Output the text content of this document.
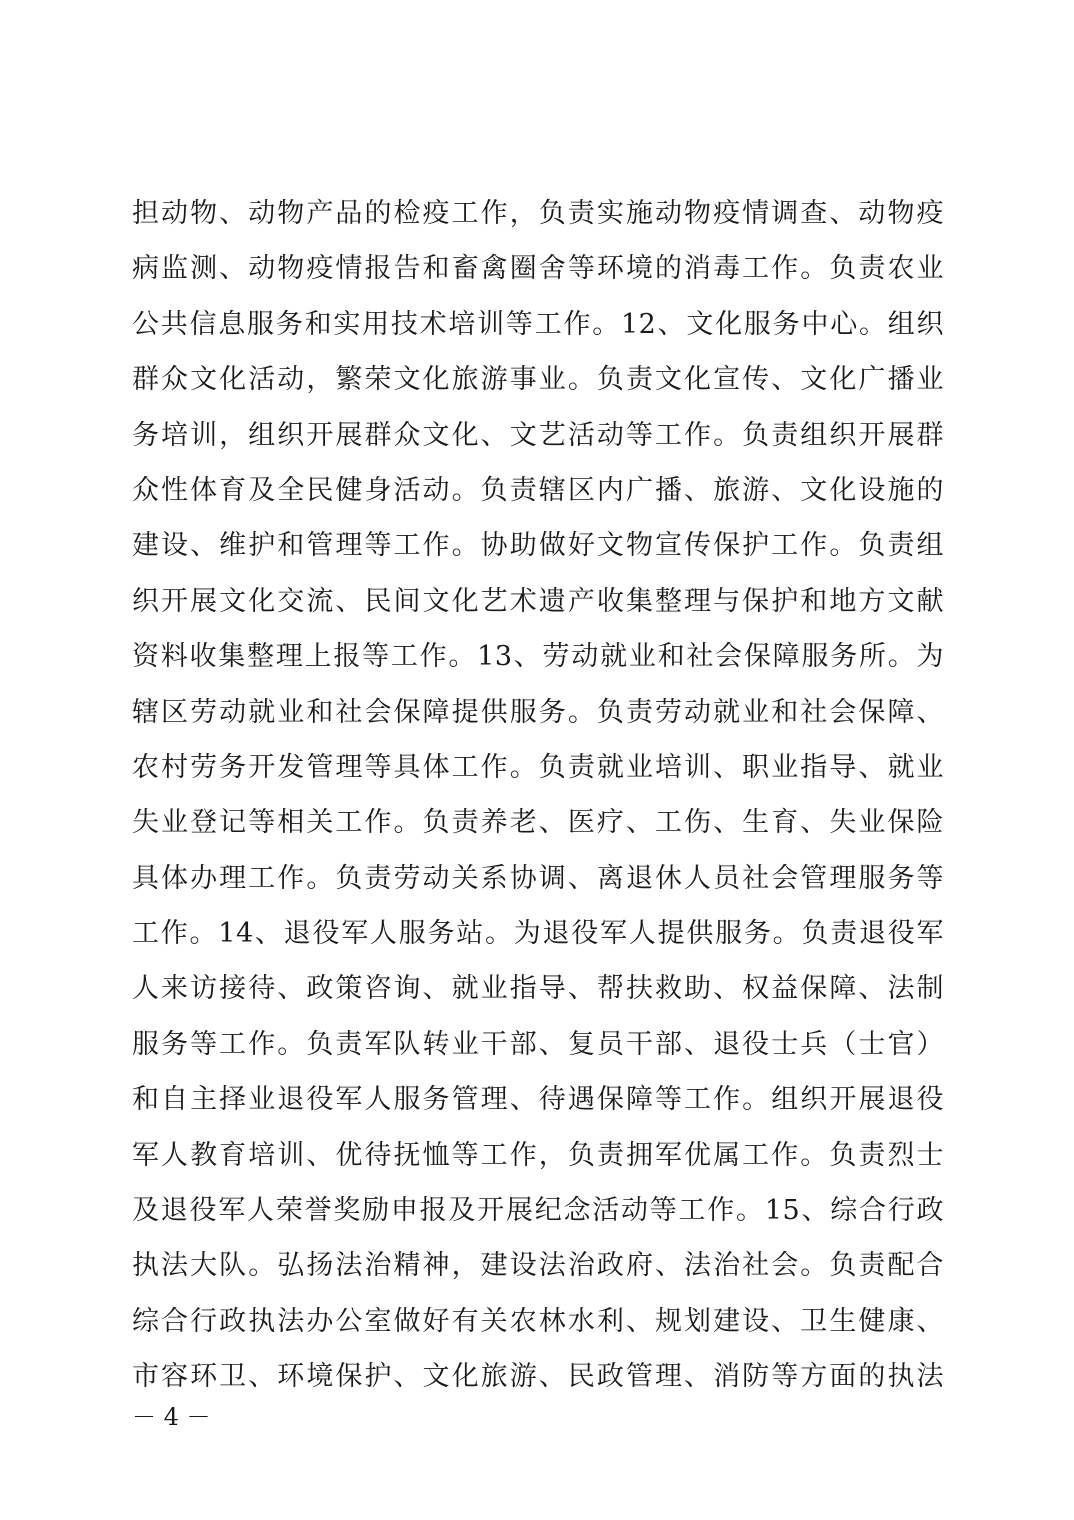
担动物、动物产品的检疫工作，负责实施动物疫情调查、动物疫
病监测、动物疫情报告和畜禽圈舍等环境的消毒工作。负责农业
公共信息服务和实用技术培训等工作。12、文化服务中心。组织
群众文化活动，繁荣文化旅游事业。负责文化宣传、文化广播业
务培训，组织开展群众文化、文艺活动等工作。负责组织开展群
众性体育及全民健身活动。负责辖区内广播、旅游、文化设施的
建设、维护和管理等工作。协助做好文物宣传保护工作。负责组
织开展文化交流、民间文化艺术遗产收集整理与保护和地方文献
资料收集整理上报等工作。13、劳动就业和社会保障服务所。为
辖区劳动就业和社会保障提供服务。负责劳动就业和社会保障、
农村劳务开发管理等具体工作。负责就业培训、职业指导、就业
失业登记等相关工作。负责养老、医疗、工伤、生育、失业保险
具体办理工作。负责劳动关系协调、离退休人员社会管理服务等
工作。14、退役军人服务站。为退役军人提供服务。负责退役军
人来访接待、政策咨询、就业指导、帮扶救助、权益保障、法制
服务等工作。负责军队转业干部、复员干部、退役士兵（士官）
和自主择业退役军人服务管理、待遇保障等工作。组织开展退役
军人教育培训、优待抚恤等工作，负责拥军优属工作。负责烈士
及退役军人荣誉奖励申报及开展纪念活动等工作。15、综合行政
执法大队。弘扬法治精神，建设法治政府、法治社会。负责配合
综合行政执法办公室做好有关农林水利、规划建设、卫生健康、
市容环卫、环境保护、文化旅游、民政管理、消防等方面的执法
－ 4 －
